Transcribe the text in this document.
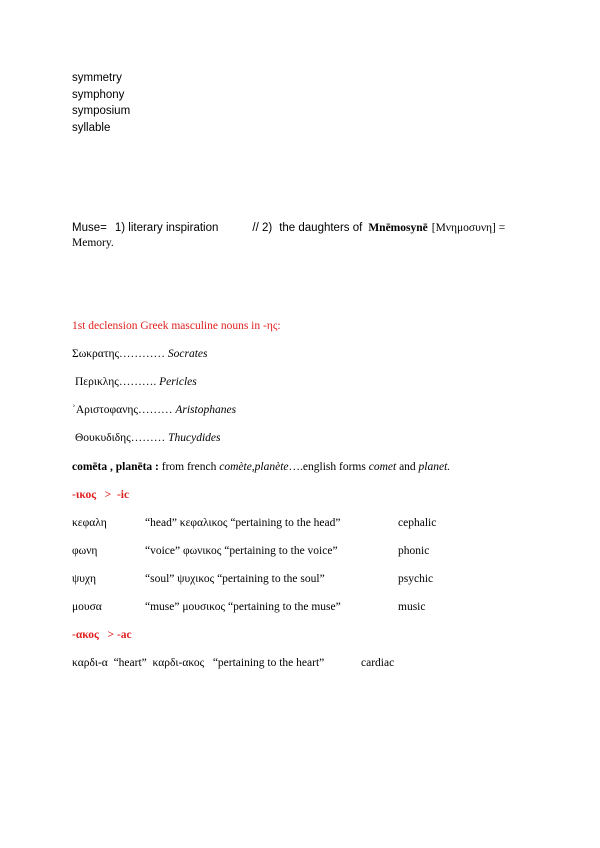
symmetry
symphony
symposium
syllable
Muse= 1) literary inspiration	// 2) the daughters of Mnēmosynē [Μνημοσυνη] =
Memory.
1st declension Greek masculine nouns in -ης:
Σωκρατης………… Socrates
Περικλης………. Pericles
ʾΑριστοφανης……… Aristophanes
Θουκυδιδης……… Thucydides
comēta , planēta : from french comète,planète….english forms comet and planet.
-ικος   >  -ic
κεφαλη	“head” κεφαλικος “pertaining to the head”	cephalic
φωνη	“voice” φωνικος “pertaining to the voice”	phonic
ψυχη	“soul” ψυχικος “pertaining to the soul”	psychic
μουσα	“muse” μουσικος “pertaining to the muse”	music
-ακος   > -ac
καρδι-α  “heart”  καρδι-ακος   “pertaining to the heart”	cardiac
